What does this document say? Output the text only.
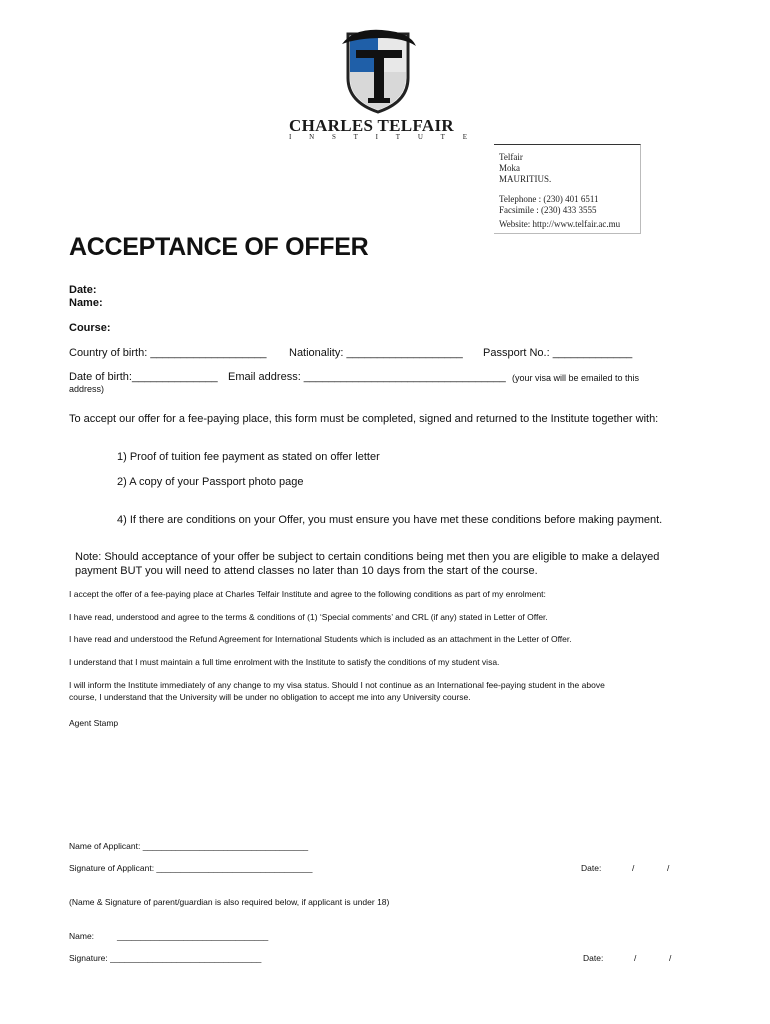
CHARLES TELFAIR
I	N	S	T	I	T	U	T	E
Telfair
Moka
MAURITIUS.
Telephone : (230) 401 6511
Facsimile : (230) 433 3555
Website: http://www.telfair.ac.mu
ACCEPTANCE OF OFFER
Date:
Name:
Course:
Country of birth: ___________________ Nationality: ___________________ Passport No.: _____________
Date of birth:______________ Email address: _________________________________ (your visa will be emailed to this
address)
To accept our offer for a fee-paying place, this form must be completed, signed and returned to the Institute together with:
1) Proof of tuition fee payment as stated on offer letter
2) A copy of your Passport photo page
4) If there are conditions on your Offer, you must ensure you have met these conditions before making payment.
Note: Should acceptance of your offer be subject to certain conditions being met then you are eligible to make a delayed
payment BUT you will need to attend classes no later than 10 days from the start of the course.
I accept the offer of a fee-paying place at Charles Telfair Institute and agree to the following conditions as part of my enrolment:
I have read, understood and agree to the terms & conditions of (1) ‘Special comments’ and CRL (if any) stated in Letter of Offer.
I have read and understood the Refund Agreement for International Students which is included as an attachment in the Letter of Offer.
I understand that I must maintain a full time enrolment with the Institute to satisfy the conditions of my student visa.
I will inform the Institute immediately of any change to my visa status. Should I not continue as an International fee-paying student in the above
course, I understand that the University will be under no obligation to accept me into any University course.
Agent Stamp
Name of Applicant: ___________________________________
Signature of Applicant: _________________________________	Date:	/	/
(Name & Signature of parent/guardian is also required below, if applicant is under 18)
Name:	________________________________
Signature: ________________________________	Date:	/	/
